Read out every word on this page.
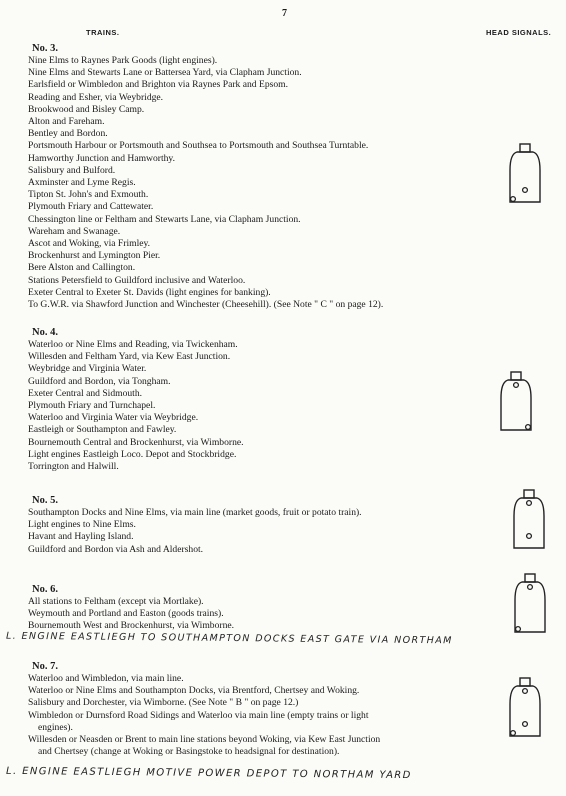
7
TRAINS.	HEAD SIGNALS.
No. 3.
Nine Elms to Raynes Park Goods (light engines).
Nine Elms and Stewarts Lane or Battersea Yard, via Clapham Junction.
Earlsfield or Wimbledon and Brighton via Raynes Park and Epsom.
Reading and Esher, via Weybridge.
Brookwood and Bisley Camp.
Alton and Fareham.
Bentley and Bordon.
Portsmouth Harbour or Portsmouth and Southsea to Portsmouth and Southsea Turntable.
Hamworthy Junction and Hamworthy.
Salisbury and Bulford.
Axminster and Lyme Regis.
Tipton St. John's and Exmouth.
Plymouth Friary and Cattewater.
Chessington line or Feltham and Stewarts Lane, via Clapham Junction.
Wareham and Swanage.
Ascot and Woking, via Frimley.
Brockenhurst and Lymington Pier.
Bere Alston and Callington.
Stations Petersfield to Guildford inclusive and Waterloo.
Exeter Central to Exeter St. Davids (light engines for banking).
To G.W.R. via Shawford Junction and Winchester (Cheesehill). (See Note " C " on page 12).
No. 4.
Waterloo or Nine Elms and Reading, via Twickenham.
Willesden and Feltham Yard, via Kew East Junction.
Weybridge and Virginia Water.
Guildford and Bordon, via Tongham.
Exeter Central and Sidmouth.
Plymouth Friary and Turnchapel.
Waterloo and Virginia Water via Weybridge.
Eastleigh or Southampton and Fawley.
Bournemouth Central and Brockenhurst, via Wimborne.
Light engines Eastleigh Loco. Depot and Stockbridge.
Torrington and Halwill.
No. 5.
Southampton Docks and Nine Elms, via main line (market goods, fruit or potato train).
Light engines to Nine Elms.
Havant and Hayling Island.
Guildford and Bordon via Ash and Aldershot.
No. 6.
All stations to Feltham (except via Mortlake).
Weymouth and Portland and Easton (goods trains).
Bournemouth West and Brockenhurst, via Wimborne.
L. ENGINE EASTLIEGH TO SOUTHAMPTON DOCKS EAST GATE VIA NORTHAM
No. 7.
Waterloo and Wimbledon, via main line.
Waterloo or Nine Elms and Southampton Docks, via Brentford, Chertsey and Woking.
Salisbury and Dorchester, via Wimborne. (See Note " B " on page 12.)
Wimbledon or Durnsford Road Sidings and Waterloo via main line (empty trains or light
engines).
Willesden or Neasden or Brent to main line stations beyond Woking, via Kew East Junction
and Chertsey (change at Woking or Basingstoke to headsignal for destination).
L. ENGINE EASTLIEGH MOTIVE POWER DEPOT TO NORTHAM YARD
